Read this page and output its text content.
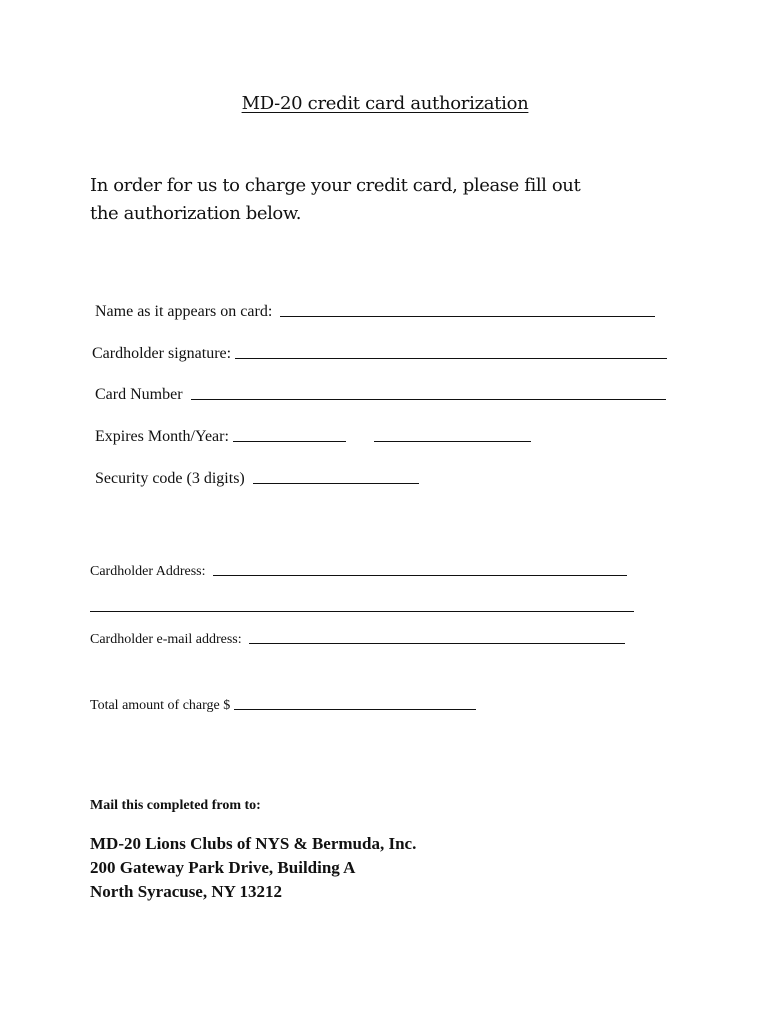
MD-20 credit card authorization
In order for us to charge your credit card, please fill out the authorization below.
Name as it appears on card:
Cardholder signature:
Card Number
Expires Month/Year:
Security code (3 digits)
Cardholder Address:
Cardholder e-mail address:
Total amount of charge $
Mail this completed from to:
MD-20 Lions Clubs of NYS & Bermuda, Inc.
200 Gateway Park Drive, Building A
North Syracuse, NY 13212
